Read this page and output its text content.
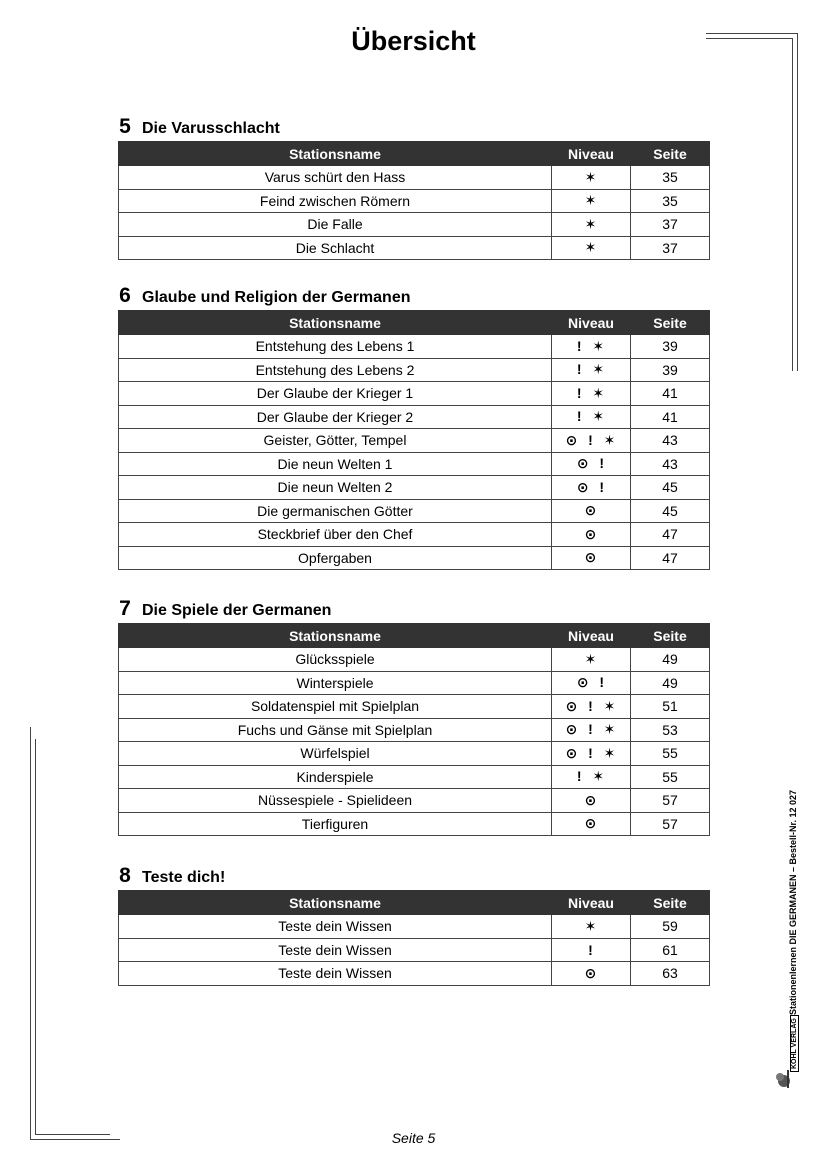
Übersicht
5 Die Varusschlacht
Stationsname	Niveau	Seite
Varus schürt den Hass	✶	35
Feind zwischen Römern	✶	35
Die Falle	✶	37
Die Schlacht	✶	37
6 Glaube und Religion der Germanen
Stationsname	Niveau	Seite
Entstehung des Lebens 1	!  ✶	39
Entstehung des Lebens 2	!  ✶	39
Der Glaube der Krieger 1	!  ✶	41
Der Glaube der Krieger 2	!  ✶	41
Geister, Götter, Tempel	⊙  !  ✶	43
Die neun Welten 1	⊙  !	43
Die neun Welten 2	⊙  !	45
Die germanischen Götter	⊙	45
Steckbrief über den Chef	⊙	47
Opfergaben	⊙	47
7 Die Spiele der Germanen
Stationsname	Niveau	Seite
Glücksspiele	✶	49
Winterspiele	⊙  !	49
Soldatenspiel mit Spielplan	⊙  !  ✶	51
Fuchs und Gänse mit Spielplan	⊙  !  ✶	53
Würfelspiel	⊙  !  ✶	55
Kinderspiele	!  ✶	55
Nüssespiele - Spielideen	⊙	57
Tierfiguren	⊙	57
8 Teste dich!
Stationsname	Niveau	Seite
Teste dein Wissen	✶	59
Teste dein Wissen	!	61
Teste dein Wissen	⊙	63	Stationenlernen DIE GERMANEN – Bestell-Nr. 12 027
KOHL VERLAG
Seite 5
